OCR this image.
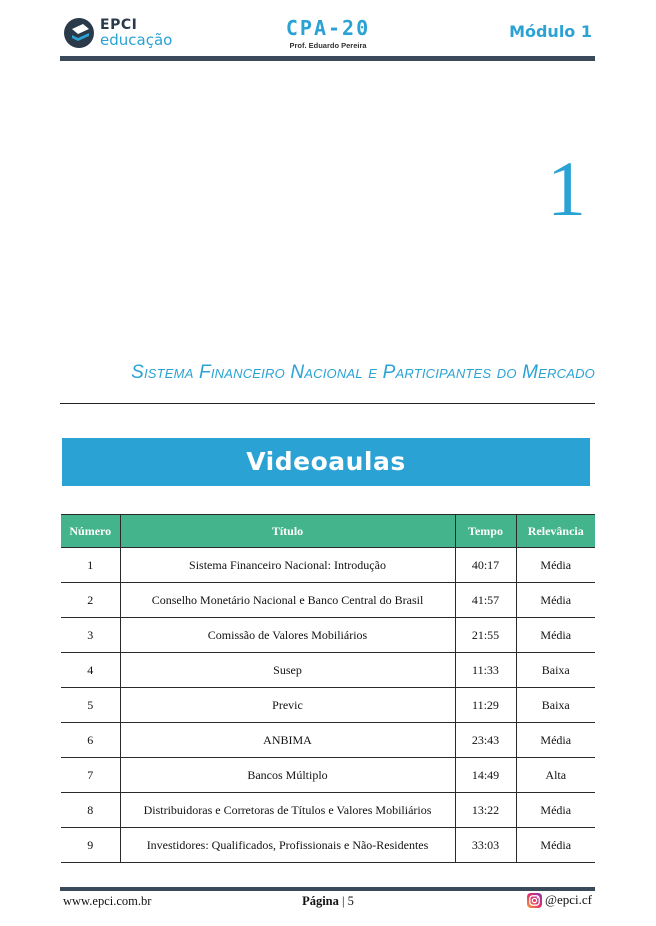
EPCI
educação	CPA-20
Prof. Eduardo Pereira
Módulo 1
1
Sistema Financeiro Nacional e Participantes do Mercado
Videoaulas
Número	Título	Tempo	Relevância
1	Sistema Financeiro Nacional: Introdução	40:17	Média
2	Conselho Monetário Nacional e Banco Central do Brasil	41:57	Média
3	Comissão de Valores Mobiliários	21:55	Média
4	Susep	11:33	Baixa
5	Previc	11:29	Baixa
6	ANBIMA	23:43	Média
7	Bancos Múltiplo	14:49	Alta
8	Distribuidoras e Corretoras de Títulos e Valores Mobiliários	13:22	Média
9	Investidores: Qualificados, Profissionais e Não-Residentes	33:03	Média
www.epci.com.br	Página | 5	@epci.cf
